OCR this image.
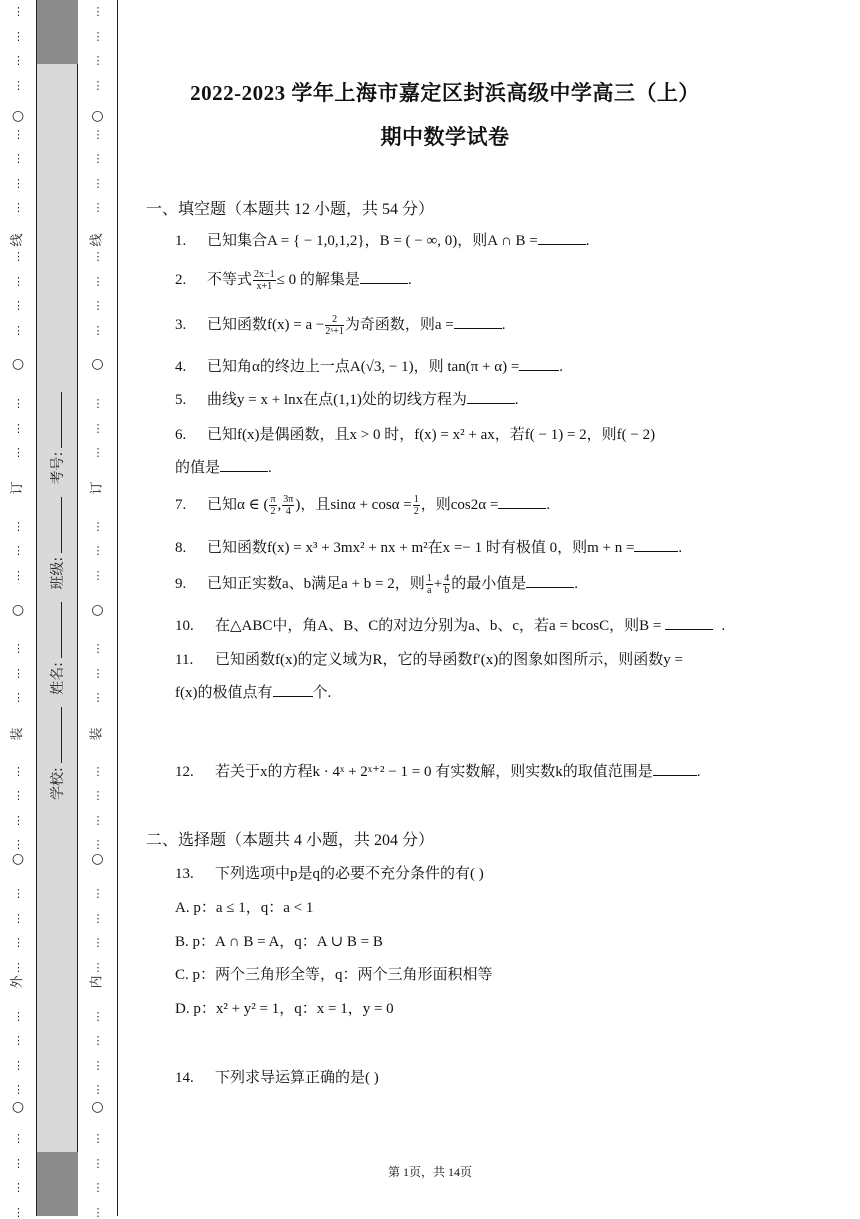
⋮
⋮
⋮
⋮
⋮
⋮
⋮
⋮
⋮
⋮
⋮
⋮
⋮
⋮
⋮
⋮
⋮
⋮
⋮
⋮
⋮
⋮
⋮
⋮
⋮
⋮
⋮
⋮
⋮
⋮
⋮
⋮
⋮
⋮
⋮
⋮
⋮
○
○
○
○
○
线
订
装
外
学校: 姓名: 班级: 考号:
⋮
⋮
⋮
⋮
⋮
⋮
⋮
⋮
⋮
⋮
⋮
⋮
⋮
⋮
⋮
⋮
⋮
⋮
⋮
⋮
⋮
⋮
⋮
⋮
⋮
⋮
⋮
⋮
⋮
⋮
⋮
⋮
⋮
⋮
⋮
⋮
⋮
○
○
○
○
○
线
订
装
内
2022-2023 学年上海市嘉定区封浜高级中学高三（上）
期中数学试卷
一、填空题（本题共 12 小题，共 54 分）
1. 已知集合A = { − 1,0,1,2}，B = ( − ∞, 0)，则A ∩ B =	.
2. 不等式 $\frac{2x-1}{x+1} \le 0$ 的解集是	.
3. 已知函数$f(x) = a - \frac{2}{\text{2ˣ+1}}$ 为奇函数，则a =	.
4. 已知角α的终边上一点A(√3, − 1)，则 tan(π + α) =	.
5. 曲线y = x + lnx在点(1,1)处的切线方程为	.
6. 已知f(x)是偶函数，且x > 0 时，f(x) = x² + ax，若f( − 1) = 2，则f( − 2)
的值是	.
7. 已知α ∈ ( $\frac{\pi}{2}$ , $\frac{3\pi}{4}$ )，且$\sin\alpha + \cos\alpha = \frac{1}{2}$ ，则cos2α =	.
8. 已知函数f(x) = x³ + 3mx² + nx + m²在x =− 1 时有极值 0，则m + n =	.
9. 已知正实数a、b满足a + b = 2，则 $\frac{1}{a} + \frac{4}{b}$ 的最小值是	.
10. 在△ABC中，角A、B、C的对边分别为a、b、c，若a = bcosC，则B =	.
11. 已知函数f(x)的定义域为R，它的导函数f′(x)的图象如图所示，则函数y =
f(x)的极值点有	个.
12. 若关于x的方程k · 4ˣ + 2ˣ⁺² − 1 = 0 有实数解，则实数k的取值范围是	.
二、选择题（本题共 4 小题，共 204 分）
13. 下列选项中p是q的必要不充分条件的有( )
A. p：a ≤ 1，q：a < 1
B. p：A ∩ B = A，q：A ∪ B = B
C. p：两个三角形全等，q：两个三角形面积相等
D. p：x² + y² = 1，q：x = 1，y = 0
14. 下列求导运算正确的是( )
第 1页，共 14页
